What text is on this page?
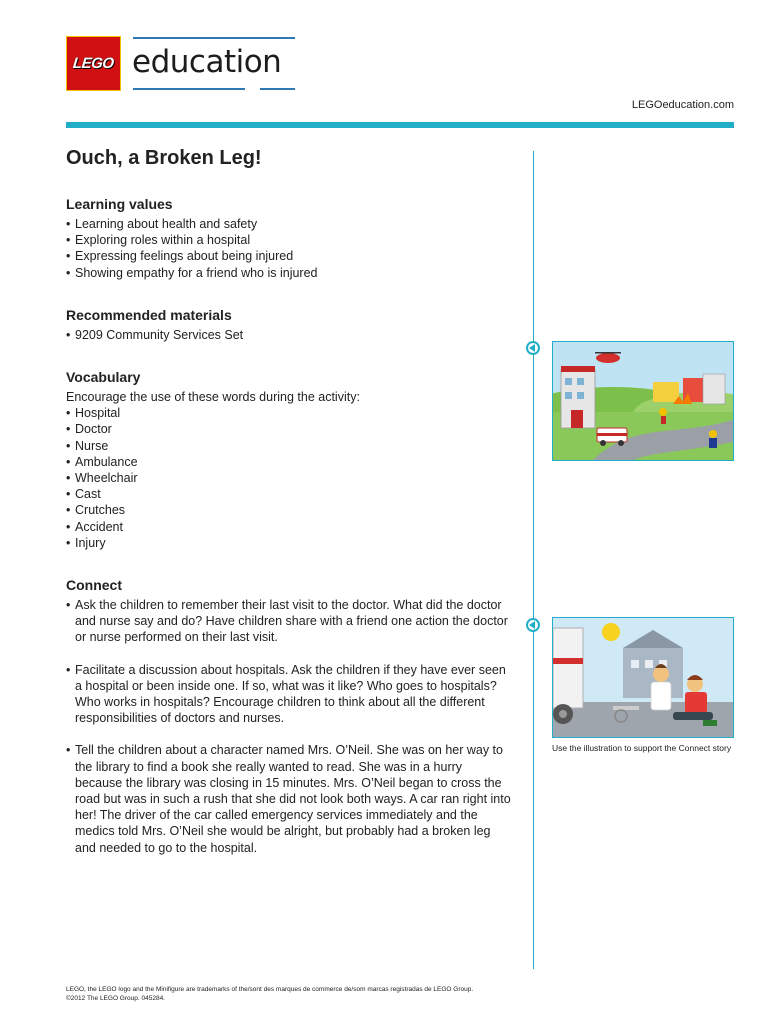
LEGO education
LEGOeducation.com
Ouch, a Broken Leg!
Learning values
• Learning about health and safety
• Exploring roles within a hospital
• Expressing feelings about being injured
• Showing empathy for a friend who is injured
Recommended materials
• 9209 Community Services Set
Vocabulary
Encourage the use of these words during the activity:
• Hospital
• Doctor
• Nurse
• Ambulance
• Wheelchair
• Cast
• Crutches
• Accident
• Injury
Connect
• Ask the children to remember their last visit to the doctor. What did the doctor and nurse say and do? Have children share with a friend one action the doctor or nurse performed on their last visit.
• Facilitate a discussion about hospitals. Ask the children if they have ever seen a hospital or been inside one. If so, what was it like? Who goes to hospitals? Who works in hospitals? Encourage children to think about all the different responsibilities of doctors and nurses.
• Tell the children about a character named Mrs. O’Neil. She was on her way to the library to find a book she really wanted to read. She was in a hurry because the library was closing in 15 minutes. Mrs. O’Neil began to cross the road but was in such a rush that she did not look both ways. A car ran right into her! The driver of the car called emergency services immediately and the medics told Mrs. O’Neil she would be alright, but probably had a broken leg and needed to go to the hospital.
Use the illustration to support the Connect story
LEGO, the LEGO logo and the Minifigure are trademarks of the/sont des marques de commerce de/som marcas registradas de LEGO Group.
©2012 The LEGO Group. 045284.
